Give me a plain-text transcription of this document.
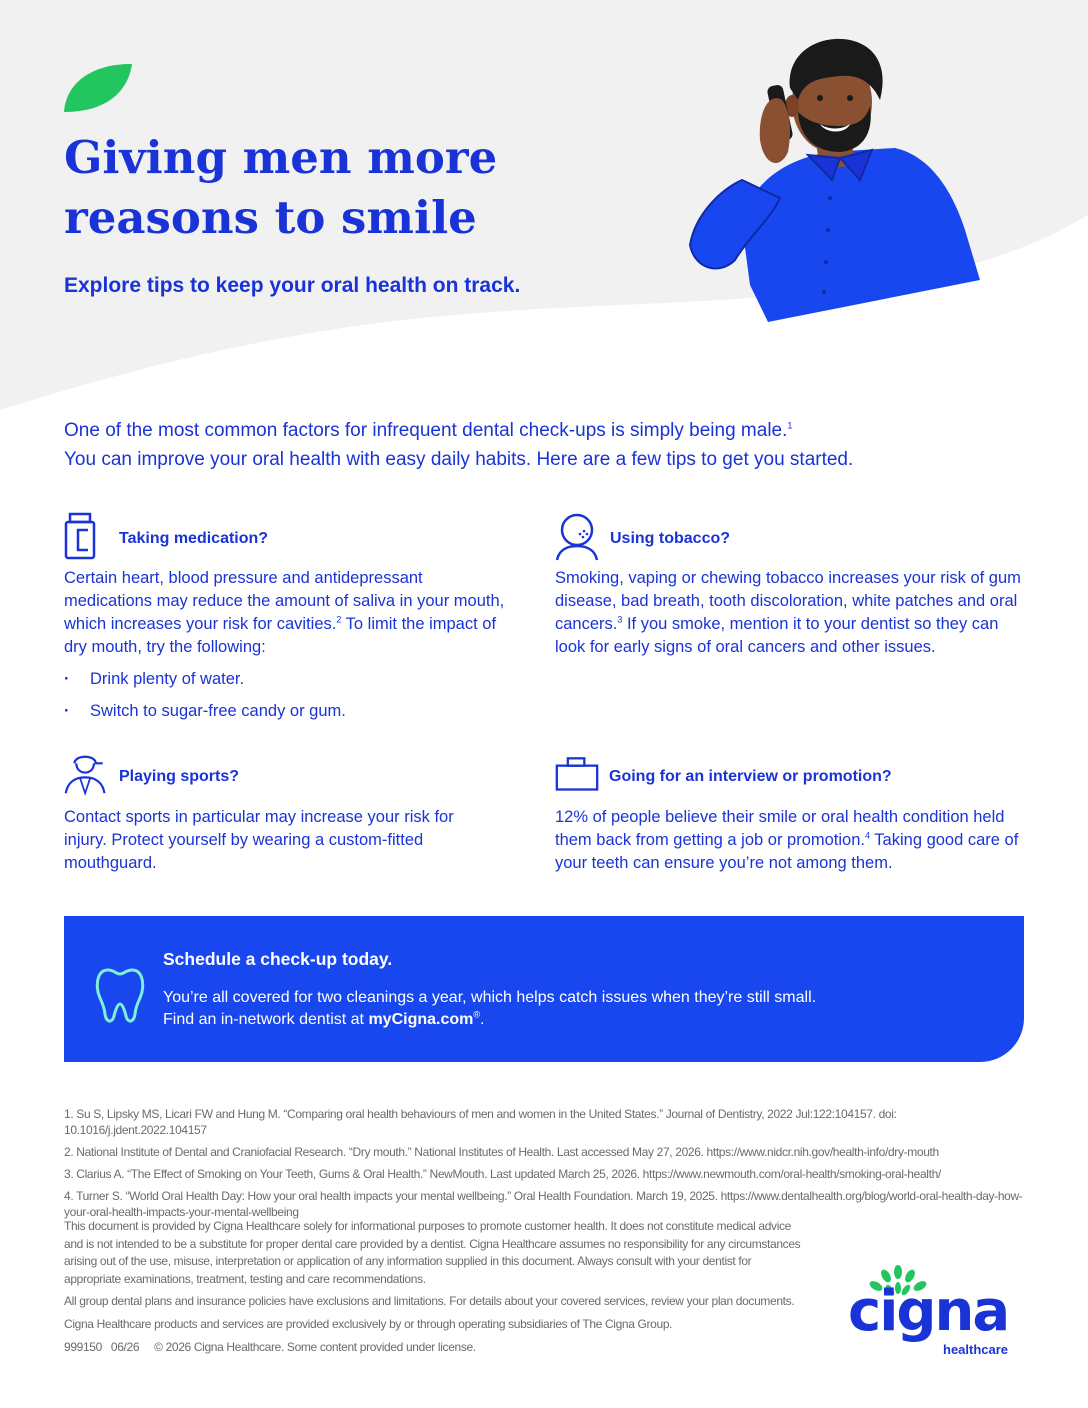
Giving men more reasons to smile

Explore tips to keep your oral health on track.

One of the most common factors for infrequent dental check-ups is simply being male.$^1$
You can improve your oral health with easy daily habits. Here are a few tips to get you started.

Taking medication?

Certain heart, blood pressure and antidepressant medications may reduce the amount of saliva in your mouth, which increases your risk for cavities.$^2$ To limit the impact of dry mouth, try the following:

· Drink plenty of water.
· Switch to sugar-free candy or gum.

Using tobacco?

Smoking, vaping or chewing tobacco increases your risk of gum disease, bad breath, tooth discoloration, white patches and oral cancers.$^3$ If you smoke, mention it to your dentist so they can look for early signs of oral cancers and other issues.

Playing sports?

Contact sports in particular may increase your risk for injury. Protect yourself by wearing a custom-fitted mouthguard.

Going for an interview or promotion?

12% of people believe their smile or oral health condition held them back from getting a job or promotion.$^4$ Taking good care of your teeth can ensure you’re not among them.

Schedule a check-up today.

You’re all covered for two cleanings a year, which helps catch issues when they’re still small.
Find an in-network dentist at myCigna.com®.

1. Su S, Lipsky MS, Licari FW and Hung M. “Comparing oral health behaviours of men and women in the United States.” Journal of Dentistry, 2022 Jul:122:104157. doi: 10.1016/j.jdent.2022.104157
2. National Institute of Dental and Craniofacial Research. “Dry mouth.” National Institutes of Health. Last accessed May 27, 2026. https://www.nidcr.nih.gov/health-info/dry-mouth
3. Clarius A. “The Effect of Smoking on Your Teeth, Gums & Oral Health.” NewMouth. Last updated March 25, 2026. https://www.newmouth.com/oral-health/smoking-oral-health/
4. Turner S. “World Oral Health Day: How your oral health impacts your mental wellbeing.” Oral Health Foundation. March 19, 2025. https://www.dentalhealth.org/blog/world-oral-health-day-how-your-oral-health-impacts-your-mental-wellbeing

This document is provided by Cigna Healthcare solely for informational purposes to promote customer health. It does not constitute medical advice and is not intended to be a substitute for proper dental care provided by a dentist. Cigna Healthcare assumes no responsibility for any circumstances arising out of the use, misuse, interpretation or application of any information supplied in this document. Always consult with your dentist for appropriate examinations, treatment, testing and care recommendations.

All group dental plans and insurance policies have exclusions and limitations. For details about your covered services, review your plan documents.

Cigna Healthcare products and services are provided exclusively by or through operating subsidiaries of The Cigna Group.

999150   06/26     © 2026 Cigna Healthcare. Some content provided under license.

cigna
healthcare
